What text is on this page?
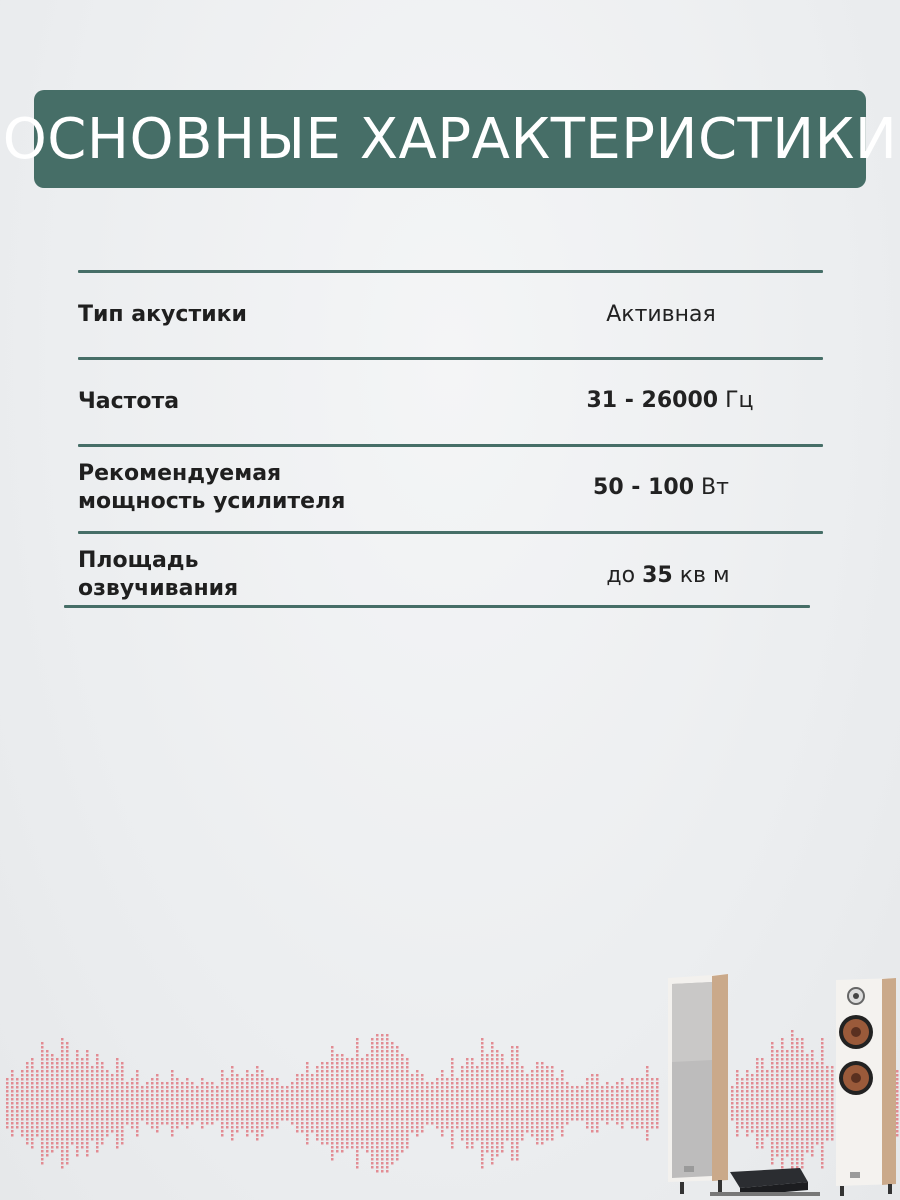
ОСНОВНЫЕ ХАРАКТЕРИСТИКИ
Тип акустики	Активная
Частота	31 - 26000 Гц
Рекомендуемая
мощность усилителя
50 - 100 Вт
Площадь
озвучивания
до 35 кв м
